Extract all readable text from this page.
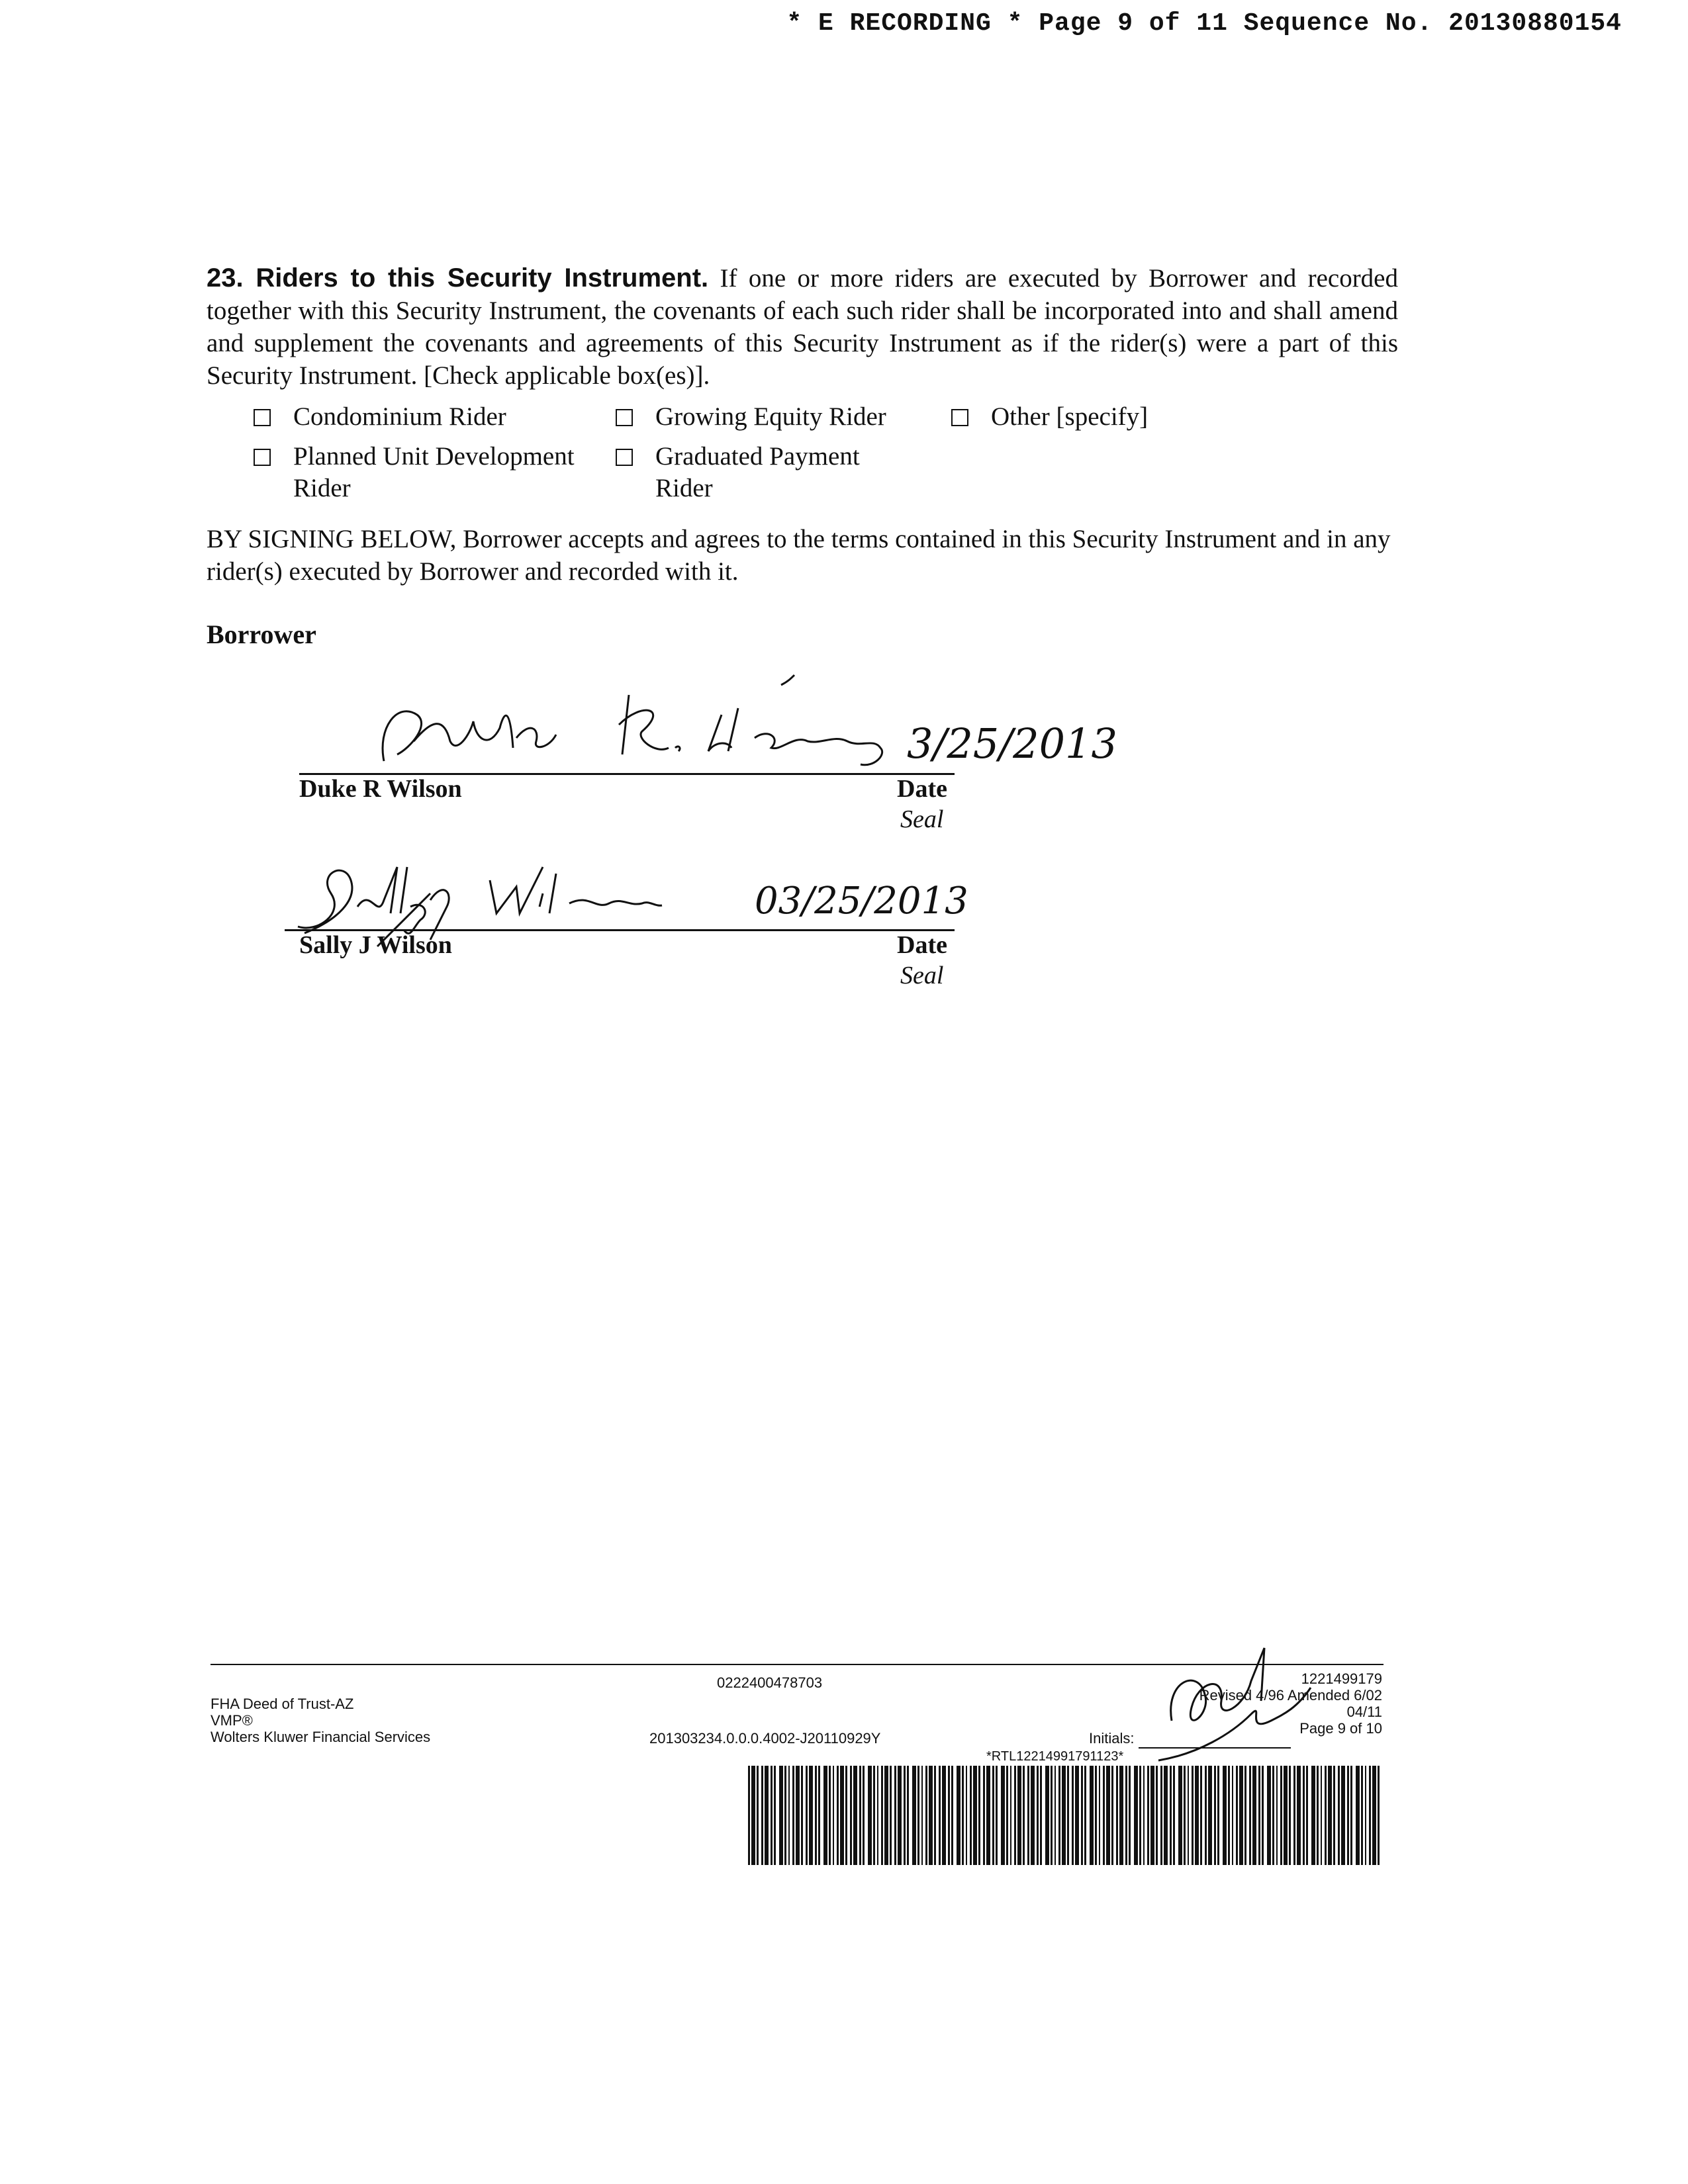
* E RECORDING * Page 9 of 11 Sequence No. 20130880154
23. Riders to this Security Instrument. If one or more riders are executed by Borrower and recorded together with this Security Instrument, the covenants of each such rider shall be incorporated into and shall amend and supplement the covenants and agreements of this Security Instrument as if the rider(s) were a part of this Security Instrument. [Check applicable box(es)].
Condominium Rider	Growing Equity Rider	Other [specify]
Planned Unit Development
Rider
Graduated Payment
Rider
BY SIGNING BELOW, Borrower accepts and agrees to the terms contained in this Security Instrument and in any rider(s) executed by Borrower and recorded with it.
Borrower
3/25/2013
Duke R Wilson	Date
Seal
03/25/2013
Sally J Wilson	Date
Seal
FHA Deed of Trust-AZ
VMP®
Wolters Kluwer Financial Services
0222400478703
201303234.0.0.0.4002-J20110929Y
1221499179
Revised 4/96 Amended 6/02
04/11
Page 9 of 10
Initials:
*RTL12214991791123*
